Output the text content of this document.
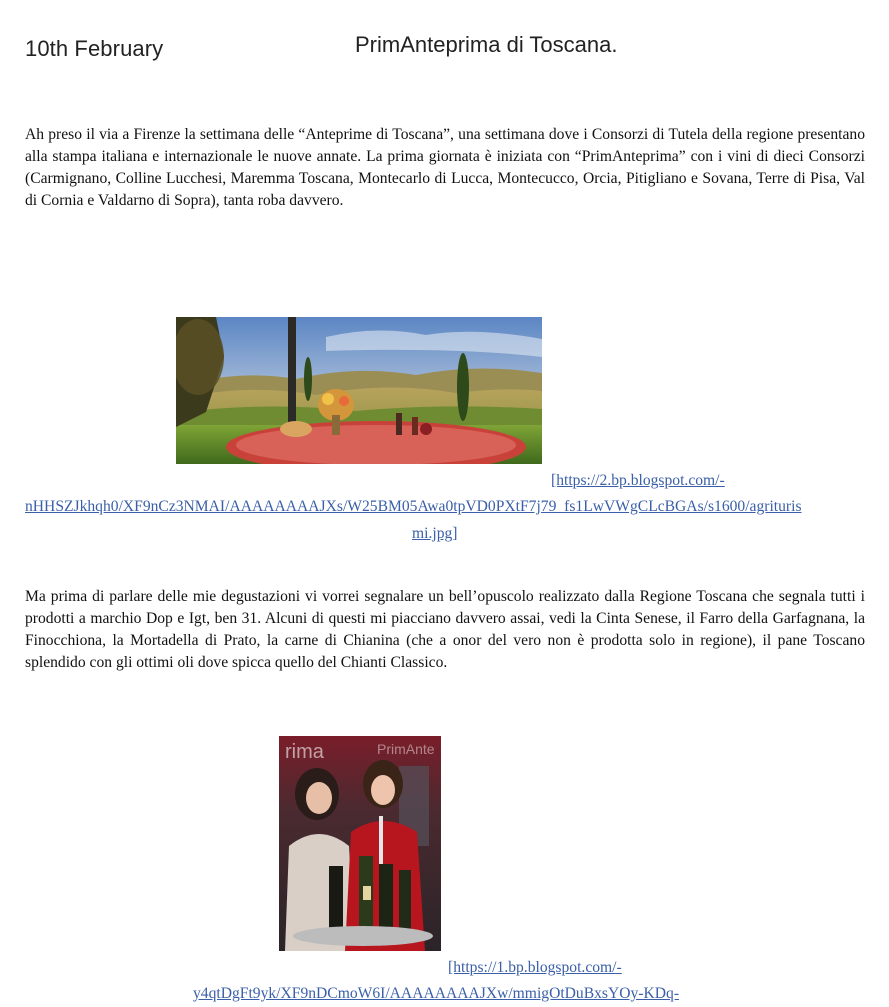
10th February	PrimAnteprima di Toscana.
Ah preso il via a Firenze la settimana delle “Anteprime di Toscana”, una settimana dove i Consorzi di Tutela della regione presentano alla stampa italiana e internazionale le nuove annate. La prima giornata è iniziata con “PrimAnteprima” con i vini di dieci Consorzi (Carmignano, Colline Lucchesi, Maremma Toscana, Montecarlo di Lucca, Montecucco, Orcia, Pitigliano e Sovana, Terre di Pisa, Val di Cornia e Valdarno di Sopra), tanta roba davvero.
[https://2.bp.blogspot.com/-
nHHSZJkhqh0/XF9nCz3NMAI/AAAAAAAAJXs/W25BM05Awa0tpVD0PXtF7j79_fs1LwVWgCLcBGAs/s1600/agrituris
mi.jpg]
Ma prima di parlare delle mie degustazioni vi vorrei segnalare un bell’opuscolo realizzato dalla Regione Toscana che segnala tutti i prodotti a marchio Dop e Igt, ben 31. Alcuni di questi mi piacciano davvero assai, vedi la Cinta Senese, il Farro della Garfagnana, la Finocchiona, la Mortadella di Prato, la carne di Chianina (che a onor del vero non è prodotta solo in regione), il pane Toscano splendido con gli ottimi oli dove spicca quello del Chianti Classico.
rima	PrimAnte
[https://1.bp.blogspot.com/-
y4qtDgFt9yk/XF9nDCmoW6I/AAAAAAAAJXw/mmigOtDuBxsYOy-KDq-
